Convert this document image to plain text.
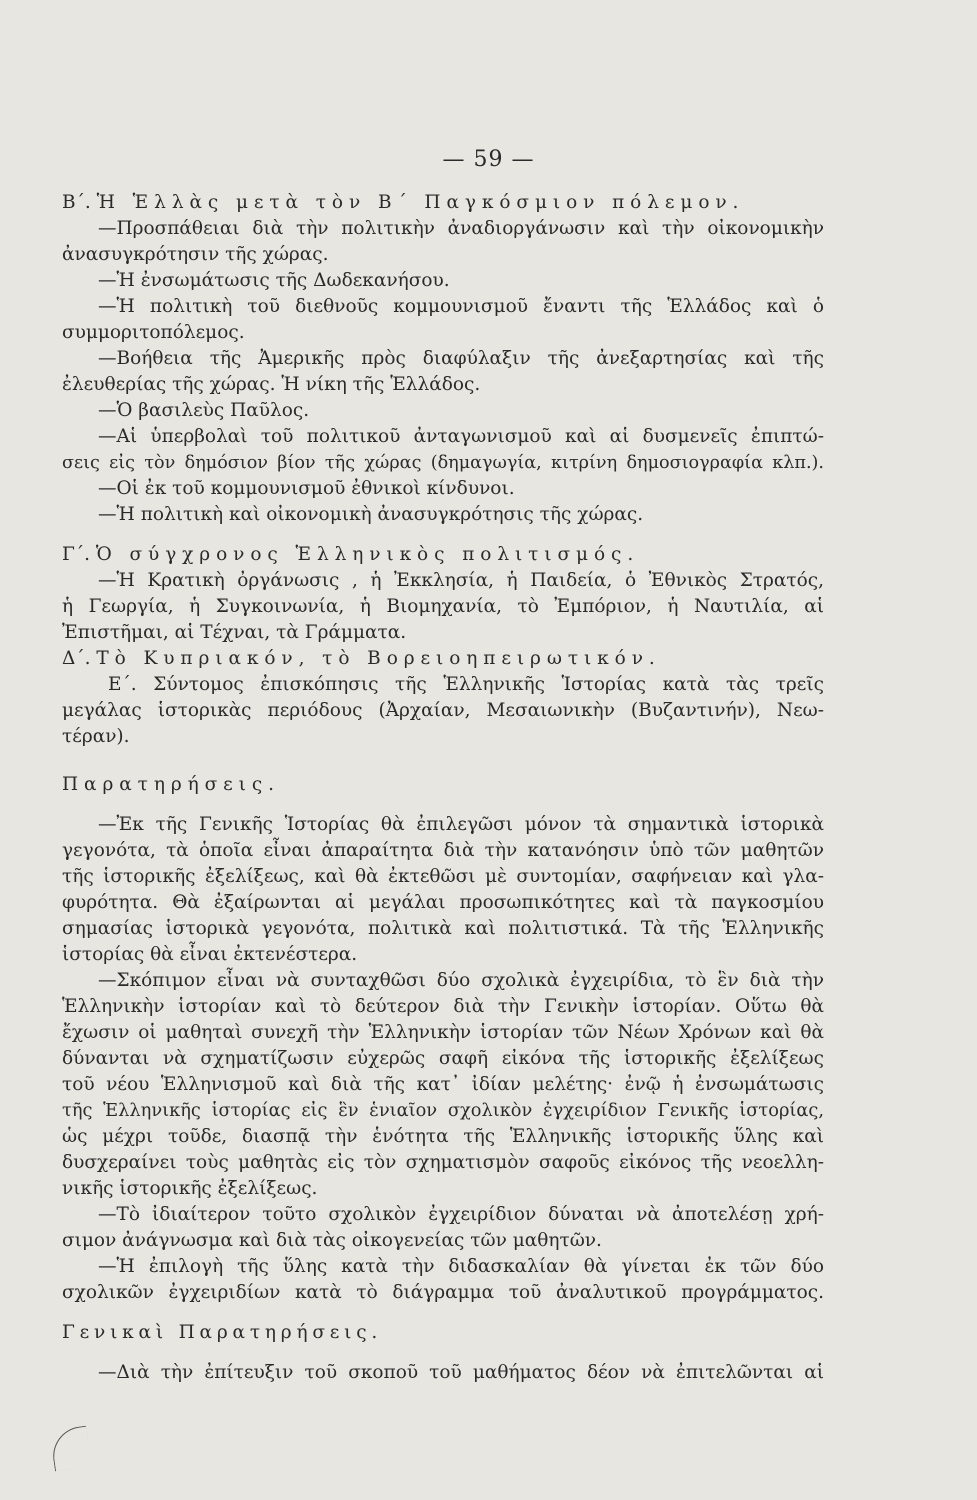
— 59 —
Β΄. Ἡ Ἑλλὰς μετὰ τὸν Β΄ Παγκόσμιον πόλεμον.
—Προσπάθειαι διὰ τὴν πολιτικὴν ἀναδιοργάνωσιν καὶ τὴν οἰκονομικὴν
ἀνασυγκρότησιν τῆς χώρας.
—Ἡ ἐνσωμάτωσις τῆς Δωδεκανήσου.
—Ἡ πολιτικὴ τοῦ διεθνοῦς κομμουνισμοῦ ἔναντι τῆς Ἑλλάδος καὶ ὁ
συμμοριτοπόλεμος.
—Βοήθεια τῆς Ἀμερικῆς πρὸς διαφύλαξιν τῆς ἀνεξαρτησίας καὶ τῆς
ἐλευθερίας τῆς χώρας. Ἡ νίκη τῆς Ἑλλάδος.
—Ὁ βασιλεὺς Παῦλος.
—Αἱ ὑπερβολαὶ τοῦ πολιτικοῦ ἀνταγωνισμοῦ καὶ αἱ δυσμενεῖς ἐπιπτώ-
σεις εἰς τὸν δημόσιον βίον τῆς χώρας (δημαγωγία, κιτρίνη δημοσιογραφία κλπ.).
—Οἱ ἐκ τοῦ κομμουνισμοῦ ἐθνικοὶ κίνδυνοι.
—Ἡ πολιτικὴ καὶ οἰκονομικὴ ἀνασυγκρότησις τῆς χώρας.
Γ΄. Ὁ σύγχρονος Ἑλληνικὸς πολιτισμός.
—Ἡ Κρατικὴ ὀργάνωσις , ἡ Ἐκκλησία, ἡ Παιδεία, ὁ Ἐθνικὸς Στρατός,
ἡ Γεωργία, ἡ Συγκοινωνία, ἡ Βιομηχανία, τὸ Ἐμπόριον, ἡ Ναυτιλία, αἱ
Ἐπιστῆμαι, αἱ Τέχναι, τὰ Γράμματα.
Δ΄. Τὸ Κυπριακόν, τὸ Βορειοηπειρωτικόν.
Ε΄. Σύντομος ἐπισκόπησις τῆς Ἑλληνικῆς Ἱστορίας κατὰ τὰς τρεῖς
μεγάλας ἱστορικὰς περιόδους (Ἀρχαίαν, Μεσαιωνικὴν (Βυζαντινήν), Νεω-
τέραν).
Παρατηρήσεις.
—Ἐκ τῆς Γενικῆς Ἱστορίας θὰ ἐπιλεγῶσι μόνον τὰ σημαντικὰ ἱστορικὰ
γεγονότα, τὰ ὁποῖα εἶναι ἀπαραίτητα διὰ τὴν κατανόησιν ὑπὸ τῶν μαθητῶν
τῆς ἱστορικῆς ἐξελίξεως, καὶ θὰ ἐκτεθῶσι μὲ συντομίαν, σαφήνειαν καὶ γλα-
φυρότητα. Θὰ ἐξαίρωνται αἱ μεγάλαι προσωπικότητες καὶ τὰ παγκοσμίου
σημασίας ἱστορικὰ γεγονότα, πολιτικὰ καὶ πολιτιστικά. Τὰ τῆς Ἑλληνικῆς
ἱστορίας θὰ εἶναι ἐκτενέστερα.
—Σκόπιμον εἶναι νὰ συνταχθῶσι δύο σχολικὰ ἐγχειρίδια, τὸ ἓν διὰ τὴν
Ἑλληνικὴν ἱστορίαν καὶ τὸ δεύτερον διὰ τὴν Γενικὴν ἱστορίαν. Οὕτω θὰ
ἔχωσιν οἱ μαθηταὶ συνεχῆ τὴν Ἑλληνικὴν ἱστορίαν τῶν Νέων Χρόνων καὶ θὰ
δύνανται νὰ σχηματίζωσιν εὐχερῶς σαφῆ εἰκόνα τῆς ἱστορικῆς ἐξελίξεως
τοῦ νέου Ἑλληνισμοῦ καὶ διὰ τῆς κατ᾽ ἰδίαν μελέτης· ἐνῷ ἡ ἐνσωμάτωσις
τῆς Ἑλληνικῆς ἱστορίας εἰς ἓν ἑνιαῖον σχολικὸν ἐγχειρίδιον Γενικῆς ἱστορίας,
ὡς μέχρι τοῦδε, διασπᾷ τὴν ἑνότητα τῆς Ἑλληνικῆς ἱστορικῆς ὕλης καὶ
δυσχεραίνει τοὺς μαθητὰς εἰς τὸν σχηματισμὸν σαφοῦς εἰκόνος τῆς νεοελλη-
νικῆς ἱστορικῆς ἐξελίξεως.
—Τὸ ἰδιαίτερον τοῦτο σχολικὸν ἐγχειρίδιον δύναται νὰ ἀποτελέσῃ χρή-
σιμον ἀνάγνωσμα καὶ διὰ τὰς οἰκογενείας τῶν μαθητῶν.
—Ἡ ἐπιλογὴ τῆς ὕλης κατὰ τὴν διδασκαλίαν θὰ γίνεται ἐκ τῶν δύο
σχολικῶν ἐγχειριδίων κατὰ τὸ διάγραμμα τοῦ ἀναλυτικοῦ προγράμματος.
Γενικαὶ Παρατηρήσεις.
—Διὰ τὴν ἐπίτευξιν τοῦ σκοποῦ τοῦ μαθήματος δέον νὰ ἐπιτελῶνται αἱ
